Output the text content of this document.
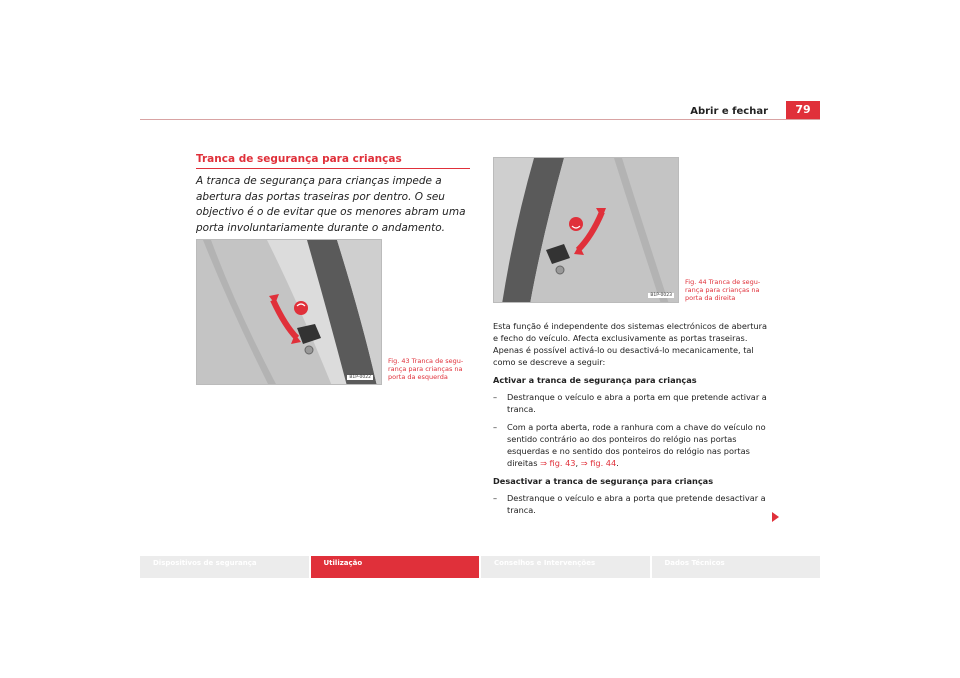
Abrir e fechar	79
Tranca de segurança para crianças
A tranca de segurança para crianças impede a abertura das portas traseiras por dentro. O seu objectivo é o de evitar que os menores abram uma porta involuntariamente durante o andamento.
B1P-0022
Fig. 43 Tranca de segu-rança para crianças na porta da esquerda
B1P-0023
Fig. 44 Tranca de segu-rança para crianças na porta da direita

Esta função é independente dos sistemas electrónicos de abertura e fecho do veículo. Afecta exclusivamente as portas traseiras. Apenas é possível activá-lo ou desactivá-lo mecanicamente, tal como se descreve a seguir:

Activar a tranca de segurança para crianças
– Destranque o veículo e abra a porta em que pretende activar a tranca.
– Com a porta aberta, rode a ranhura com a chave do veículo no sentido contrário ao dos ponteiros do relógio nas portas esquerdas e no sentido dos ponteiros do relógio nas portas direitas ⇒ fig. 43, ⇒ fig. 44.
Desactivar a tranca de segurança para crianças
– Destranque o veículo e abra a porta que pretende desactivar a tranca.
Dispositivos de segurança	Utilização	Conselhos e Intervenções	Dados Técnicos
